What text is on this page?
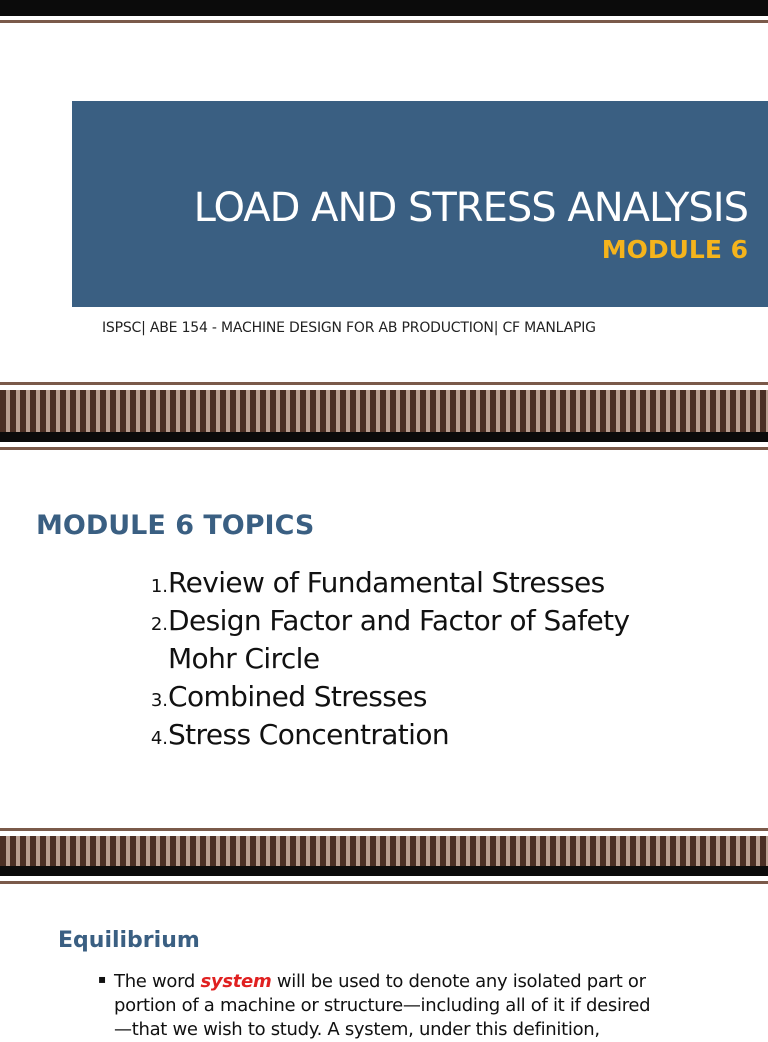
LOAD AND STRESS ANALYSIS
MODULE 6
ISPSC| ABE 154 - MACHINE DESIGN FOR AB PRODUCTION| CF MANLAPIG
MODULE 6 TOPICS
1. Review of Fundamental Stresses
2. Design Factor and Factor of Safety
Mohr Circle
3. Combined Stresses
4. Stress Concentration
Equilibrium
▪ The word system will be used to denote any isolated part or
portion of a machine or structure—including all of it if desired
—that we wish to study. A system, under this definition,
